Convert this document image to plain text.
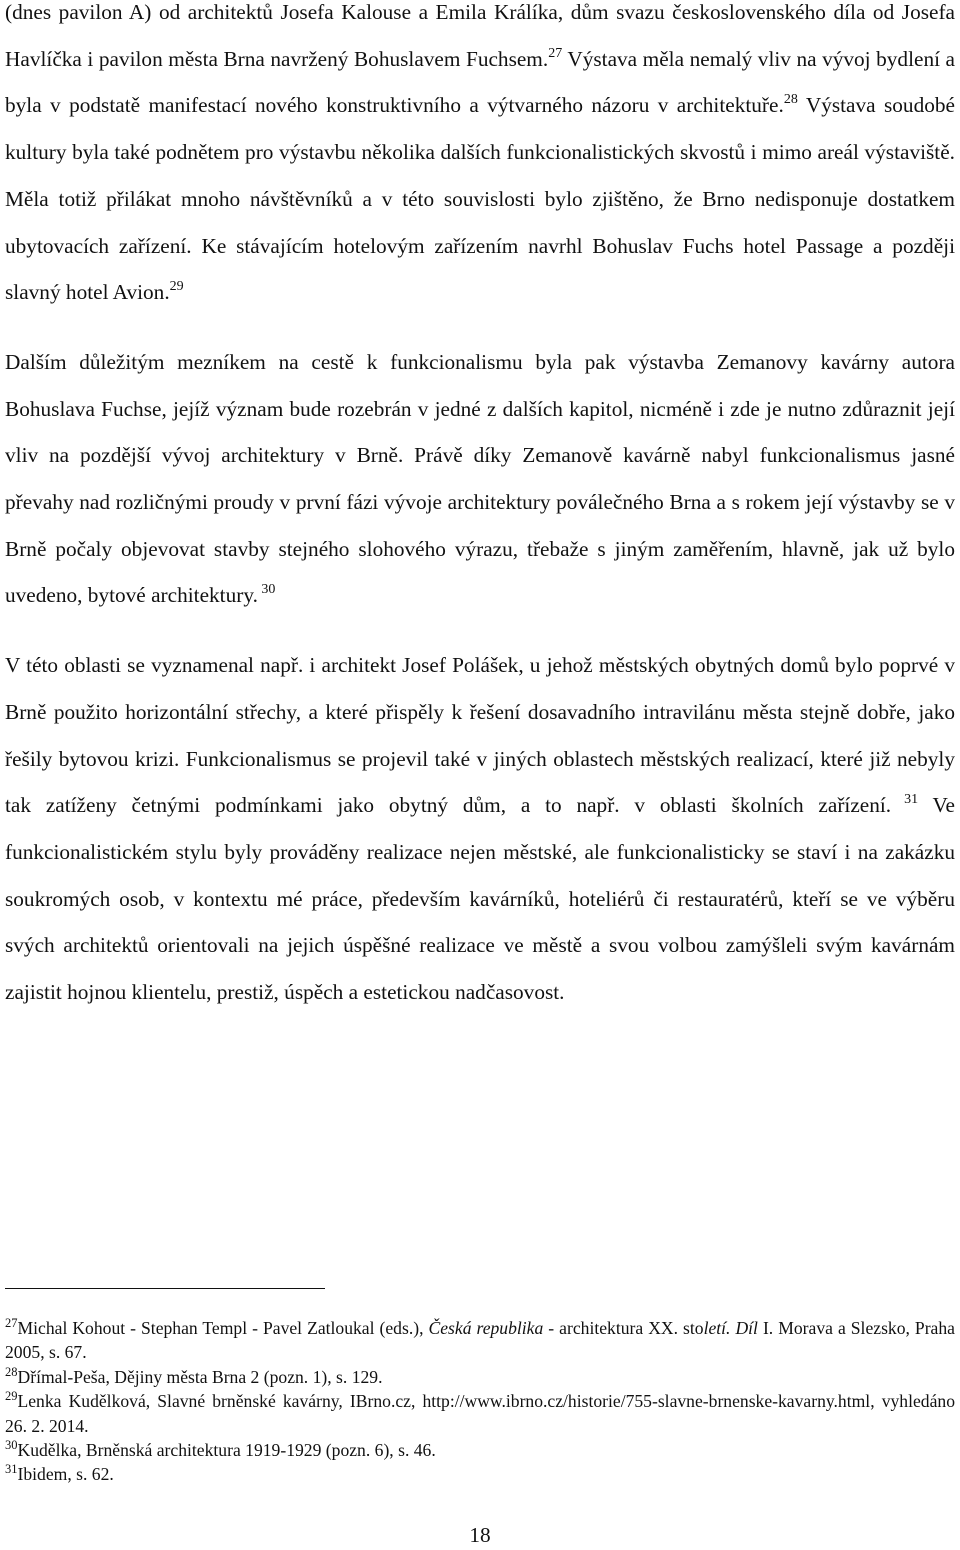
(dnes pavilon A) od architektů Josefa Kalouse a Emila Králíka, dům svazu československého díla od Josefa Havlíčka i pavilon města Brna navržený Bohuslavem Fuchsem.$^{27}$ Výstava měla nemalý vliv na vývoj bydlení a byla v podstatě manifestací nového konstruktivního a výtvarného názoru v architektuře.$^{28}$ Výstava soudobé kultury byla také podnětem pro výstavbu několika dalších funkcionalistických skvostů i mimo areál výstaviště. Měla totiž přilákat mnoho návštěvníků a v této souvislosti bylo zjištěno, že Brno nedisponuje dostatkem ubytovacích zařízení. Ke stávajícím hotelovým zařízením navrhl Bohuslav Fuchs hotel Passage a později slavný hotel Avion.$^{29}$

Dalším důležitým mezníkem na cestě k funkcionalismu byla pak výstavba Zemanovy kavárny autora Bohuslava Fuchse, jejíž význam bude rozebrán v jedné z dalších kapitol, nicméně i zde je nutno zdůraznit její vliv na pozdější vývoj architektury v Brně. Právě díky Zemanově kavárně nabyl funkcionalismus jasné převahy nad rozličnými proudy v první fázi vývoje architektury poválečného Brna a s rokem její výstavby se v Brně počaly objevovat stavby stejného slohového výrazu, třebaže s jiným zaměřením, hlavně, jak už bylo uvedeno, bytové architektury. $^{30}$

V této oblasti se vyznamenal např. i architekt Josef Polášek, u jehož městských obytných domů bylo poprvé v Brně použito horizontální střechy, a které přispěly k řešení dosavadního intravilánu města stejně dobře, jako řešily bytovou krizi. Funkcionalismus se projevil také v jiných oblastech městských realizací, které již nebyly tak zatíženy četnými podmínkami jako obytný dům, a to např. v oblasti školních zařízení. $^{31}$ Ve funkcionalistickém stylu byly prováděny realizace nejen městské, ale funkcionalisticky se staví i na zakázku soukromých osob, v kontextu mé práce, především kavárníků, hoteliérů či restauratérů, kteří se ve výběru svých architektů orientovali na jejich úspěšné realizace ve městě a svou volbou zamýšleli svým kavárnám zajistit hojnou klientelu, prestiž, úspěch a estetickou nadčasovost.

$^{27}$Michal Kohout - Stephan Templ - Pavel Zatloukal (eds.), Česká republika - architektura XX. století. Díl I. Morava a Slezsko, Praha 2005, s. 67.

$^{28}$Dřímal-Peša, Dějiny města Brna 2 (pozn. 1), s. 129.

$^{29}$Lenka Kudělková, Slavné brněnské kavárny, IBrno.cz, http://www.ibrno.cz/historie/755-slavne-brnenske-kavarny.html, vyhledáno 26. 2. 2014.

$^{30}$Kudělka, Brněnská architektura 1919-1929 (pozn. 6), s. 46.

$^{31}$Ibidem, s. 62.

18
